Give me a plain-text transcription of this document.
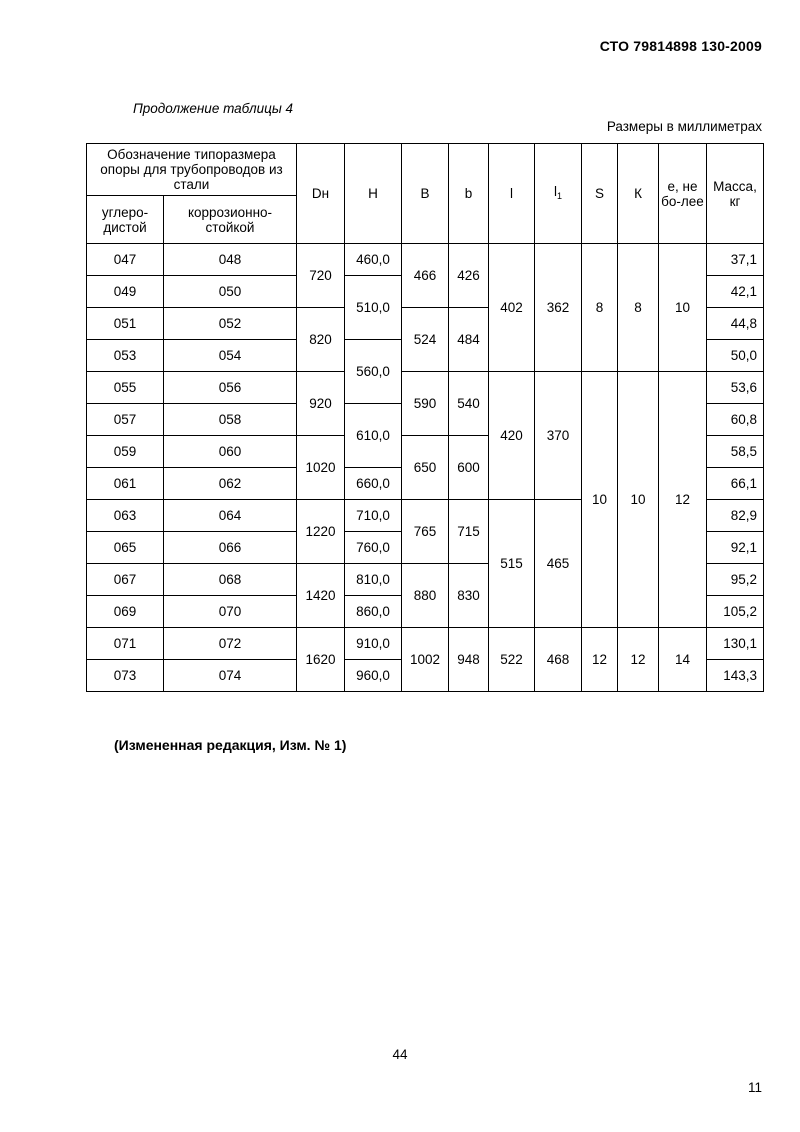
СТО 79814898 130-2009
Продолжение таблицы 4
Размеры в миллиметрах
Обозначение типоразмера опоры для трубопроводов из стали		Dн	H	B	b	l	$l_1$	S	К	е, не бо-лее	Масса, кг
углеро-дистой	коррозионно-стойкой										
047	048	720	460,0	466	426	402	362	8	8	10	37,1
049	050		510,0								42,1
051	052	820		524	484						44,8
053	054		560,0								50,0
055	056	920		590	540	420	370	10	10	12	53,6
057	058		610,0								60,8
059	060	1020		650	600						58,5
061	062		660,0								66,1
063	064	1220	710,0	765	715	515	465				82,9
065	066		760,0								92,1
067	068	1420	810,0	880	830						95,2
069	070		860,0								105,2
071	072	1620	910,0	1002	948	522	468	12	12	14	130,1
073	074		960,0								143,3
(Измененная редакция, Изм. № 1)
44
11
